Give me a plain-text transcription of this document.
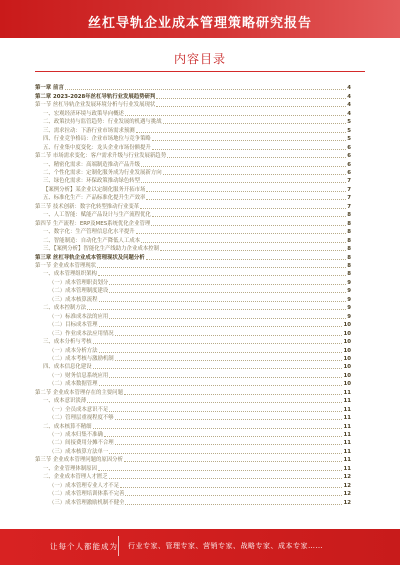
丝杠导轨企业成本管理策略研究报告
内容目录
第一章 前言	4
第二章 2023-2028年丝杠导轨行业发展趋势研判	4
第一节 丝杠导轨企业发展环境分析与行业发展现状	4
一、宏观经济环境与政策导向概述	4
二、政策扶持与监管趋势：行业发展的机遇与挑战	5
三、需求拉动：下游行业市场需求预测	5
四、行业竞争格局：企业市场地位与竞争策略	5
五、行业集中度变化：龙头企业市场份额提升	6
第二节 市场需求变化：客户需求升级与行业发展新趋势	6
一、精密化需求：高端制造推动产品升级	6
二、个性化需求：定制化服务成为行业发展新方向	6
三、绿色化需求：环保政策推动绿色转型	7
【案例分析】某企业以定制化服务开拓市场	7
五、标准化生产：产品标准化提升生产效率	7
第三节 技术创新：数字化转型推动行业变革	7
一、人工智能：赋能产品设计与生产流程优化	8
第四节 生产流程：ERP及MES系统优化企业管理	8
一、数字化：生产管理信息化水平提升	8
二、智能制造：自动化生产降低人工成本	8
三、【案例分析】智能化生产线助力企业成本控制	8
第三章 丝杠导轨企业成本管理现状及问题分析	8
第一节 企业成本管理现状	8
一、成本管理组织架构	8
（一）成本管理职责划分	9
（二）成本管理制度建设	9
（三）成本核算流程	9
二、成本控制方法	9
（一）标准成本法的应用	9
（二）目标成本管理	10
（三）作业成本法应用情况	10
三、成本分析与考核	10
（一）成本分析方法	10
（二）成本考核与激励机制	10
四、成本信息化建设	10
（一）财务信息系统应用	10
（二）成本数据管理	10
第二节 企业成本管理存在的主要问题	11
一、成本意识淡薄	11
（一）全员成本意识不足	11
（二）管理层重视程度不够	11
二、成本核算不精细	11
（一）成本归集不准确	11
（二）间接费用分摊不合理	11
（三）成本核算方法单一	11
第三节 企业成本管理问题的原因分析	11
一、企业管理体制原因	11
二、企业成本管理人才匮乏	12
（一）成本管理专业人才不足	12
（二）成本管理培训体系不完善	12
（三）成本管理激励机制不健全	12
让每个人都能成为 行业专家、管理专家、营销专家、战略专家、成本专家……
